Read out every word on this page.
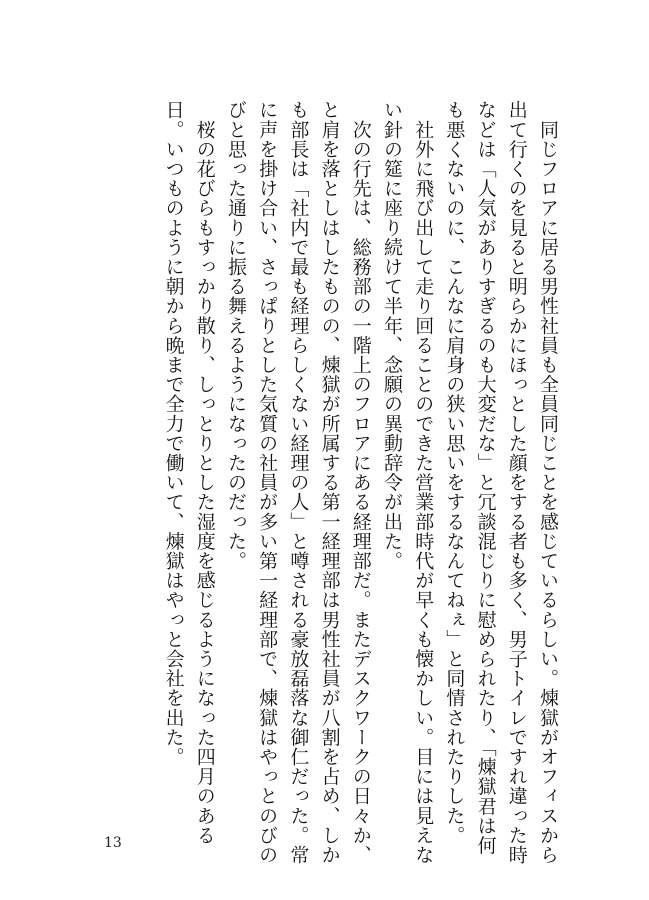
　同じフロアに居る男性社員も全員同じことを感じているらしい。煉獄がオフィスから
出て行くのを見ると明らかにほっとした顔をする者も多く、男子トイレですれ違った時
などは「人気がありすぎるのも大変だな」と冗談混じりに慰められたり、「煉獄君は何
も悪くないのに、こんなに肩身の狭い思いをするなんてねぇ」と同情されたりした。
　社外に飛び出して走り回ることのできた営業部時代が早くも懐かしい。目には見えな
い針の筵に座り続けて半年、念願の異動辞令が出た。
　次の行先は、総務部の一階上のフロアにある経理部だ。またデスクワークの日々か、
と肩を落としはしたものの、煉獄が所属する第一経理部は男性社員が八割を占め、しか
も部長は「社内で最も経理らしくない経理の人」と噂される豪放磊落な御仁だった。常
に声を掛け合い、さっぱりとした気質の社員が多い第一経理部で、煉獄はやっとのびの
びと思った通りに振る舞えるようになったのだった。
　桜の花びらもすっかり散り、しっとりとした湿度を感じるようになった四月のある
日。いつものように朝から晩まで全力で働いて、煉獄はやっと会社を出た。
13
